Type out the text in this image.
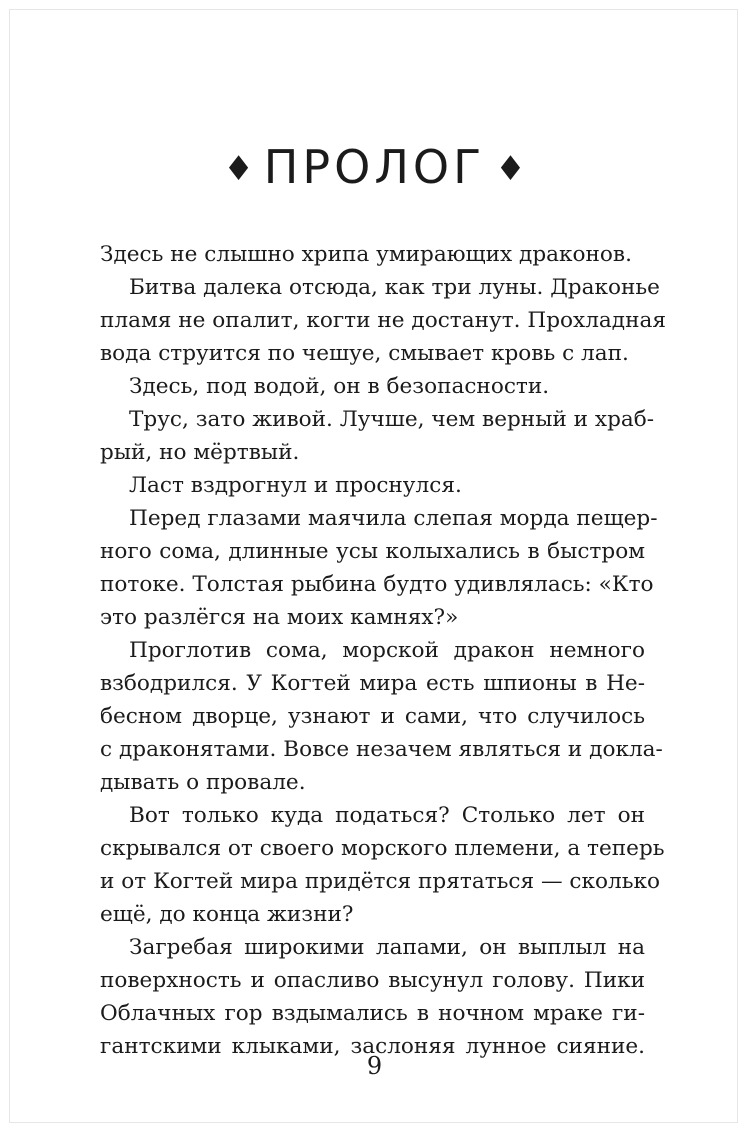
♦ ПРОЛОГ ♦
Здесь не слышно хрипа умирающих драконов.
Битва далека отсюда, как три луны. Драконье
пламя не опалит, когти не достанут. Прохладная
вода струится по чешуе, смывает кровь с лап.
Здесь, под водой, он в безопасности.
Трус, зато живой. Лучше, чем верный и храб-
рый, но мёртвый.
Ласт вздрогнул и проснулся.
Перед глазами маячила слепая морда пещер-
ного сома, длинные усы колыхались в быстром
потоке. Толстая рыбина будто удивлялась: «Кто
это разлёгся на моих камнях?»
Проглотив сома, морской дракон немного
взбодрился. У Когтей мира есть шпионы в Не-
бесном дворце, узнают и сами, что случилось
с драконятами. Вовсе незачем являться и докла-
дывать о провале.
Вот только куда податься? Столько лет он
скрывался от своего морского племени, а теперь
и от Когтей мира придётся прятаться — сколько
ещё, до конца жизни?
Загребая широкими лапами, он выплыл на
поверхность и опасливо высунул голову. Пики
Облачных гор вздымались в ночном мраке ги-
гантскими клыками, заслоняя лунное сияние.
9
